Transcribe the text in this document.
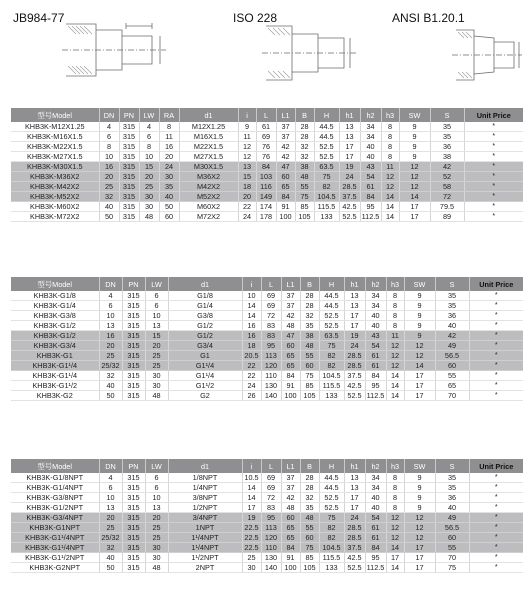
JB984-77	ISO 228	ANSI B1.20.1
型号Model	DN	PN	LW	RA	d1	i	L	L1	B	H	h1	h2	h3	SW	S	Unit Price
KHB3K-M12X1.25	4	315	4	8	M12X1.25	9	61	37	28	44.5	13	34	8	9	35	*
KHB3K-M16X1.5	6	315	6	11	M16X1.5	11	69	37	28	44.5	13	34	8	9	35	*
KHB3K-M22X1.5	8	315	8	16	M22X1.5	12	76	42	32	52.5	17	40	8	9	36	*
KHB3K-M27X1.5	10	315	10	20	M27X1.5	12	76	42	32	52.5	17	40	8	9	38	*
KHB3K-M30X1.5	16	315	15	24	M30X1.5	13	84	47	38	63.5	19	43	11	12	42	*
KHB3K-M36X2	20	315	20	30	M36X2	15	103	60	48	75	24	54	12	12	52	*
KHB3K-M42X2	25	315	25	35	M42X2	18	116	65	55	82	28.5	61	12	12	58	*
KHB3K-M52X2	32	315	30	40	M52X2	20	149	84	75	104.5	37.5	84	14	14	72	*
KHB3K-M60X2	40	315	30	50	M60X2	22	174	91	85	115.5	42.5	95	14	17	79.5	*
KHB3K-M72X2	50	315	48	60	M72X2	24	178	100	105	133	52.5	112.5	14	17	89	*
型号Model	DN	PN	LW	d1	i	L	L1	B	H	h1	h2	h3	SW	S	Unit Price
KHB3K-G1/8	4	315	6	G1/8	10	69	37	28	44.5	13	34	8	9	35	*
KHB3K-G1/4	6	315	6	G1/4	14	69	37	28	44.5	13	34	8	9	35	*
KHB3K-G3/8	10	315	10	G3/8	14	72	42	32	52.5	17	40	8	9	36	*
KHB3K-G1/2	13	315	13	G1/2	16	83	48	35	52.5	17	40	8	9	40	*
KHB3K-G1/2	16	315	15	G1/2	16	83	47	38	63.5	19	43	11	9	42	*
KHB3K-G3/4	20	315	20	G3/4	18	95	60	48	75	24	54	12	12	49	*
KHB3K-G1	25	315	25	G1	20.5	113	65	55	82	28.5	61	12	12	56.5	*
KHB3K-G1¹/4	25/32	315	25	G1¹/4	22	120	65	60	82	28.5	61	12	14	60	*
KHB3K-G1¹/4	32	315	30	G1¹/4	22	110	84	75	104.5	37.5	84	14	17	55	*
KHB3K-G1¹/2	40	315	30	G1¹/2	24	130	91	85	115.5	42.5	95	14	17	65	*
KHB3K-G2	50	315	48	G2	26	140	100	105	133	52.5	112.5	14	17	70	*
型号Model	DN	PN	LW	d1	i	L	L1	B	H	h1	h2	h3	SW	S	Unit Price
KHB3K-G1/8NPT	4	315	6	1/8NPT	10.5	69	37	28	44.5	13	34	8	9	35	*
KHB3K-G1/4NPT	6	315	6	1/4NPT	14	69	37	28	44.5	13	34	8	9	35	*
KHB3K-G3/8NPT	10	315	10	3/8NPT	14	72	42	32	52.5	17	40	8	9	36	*
KHB3K-G1/2NPT	13	315	13	1/2NPT	17	83	48	35	52.5	17	40	8	9	40	*
KHB3K-G3/4NPT	20	315	20	3/4NPT	19	95	60	48	75	24	54	12	12	49	*
KHB3K-G1NPT	25	315	25	1NPT	22.5	113	65	55	82	28.5	61	12	12	56.5	*
KHB3K-G1¹/4NPT	25/32	315	25	1¹/4NPT	22.5	120	65	60	82	28.5	61	12	12	60	*
KHB3K-G1¹/4NPT	32	315	30	1¹/4NPT	22.5	110	84	75	104.5	37.5	84	14	17	55	*
KHB3K-G1¹/2NPT	40	315	30	1¹/2NPT	25	130	91	85	115.5	42.5	95	17	17	70	*
KHB3K-G2NPT	50	315	48	2NPT	30	140	100	105	133	52.5	112.5	14	17	75	*
